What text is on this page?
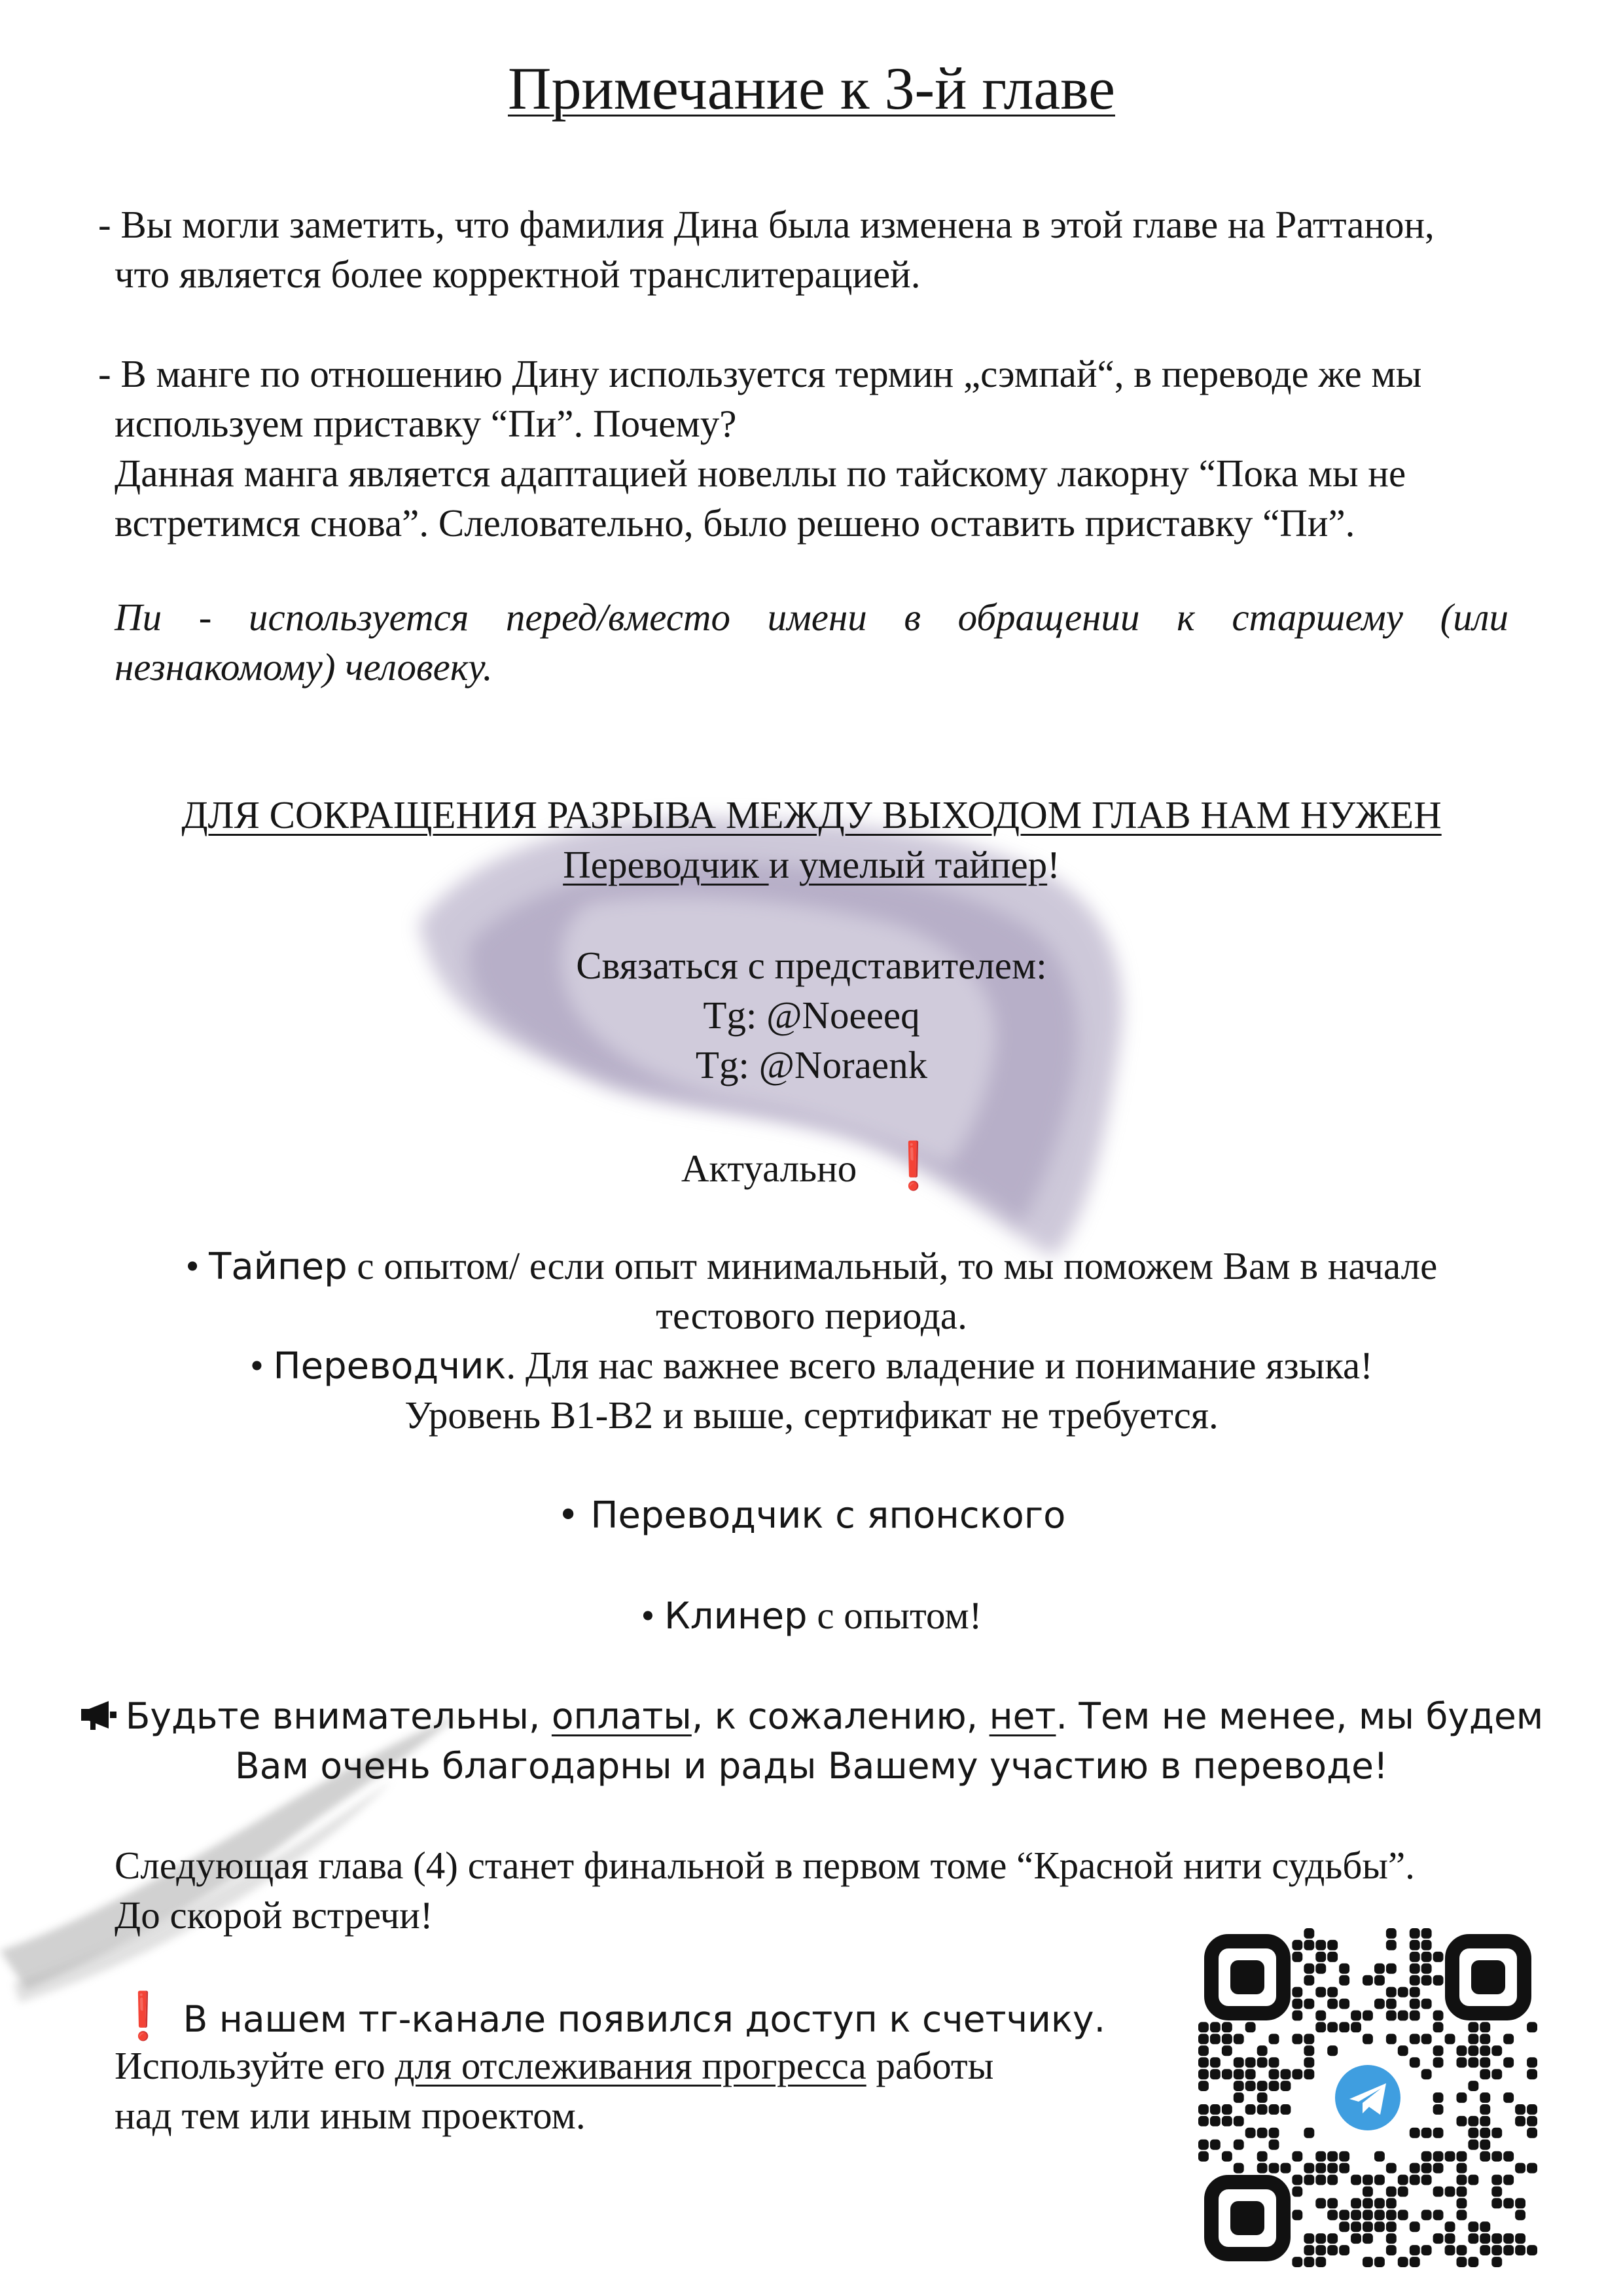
Примечание к 3-й главе
- Вы могли заметить, что фамилия Дина была изменена в этой главе на Раттанон,
что является более корректной транслитерацией.
- В манге по отношению Дину используется термин „сэмпай“, в переводе же мы
используем приставку “Пи”. Почему?
Данная манга является адаптацией новеллы по тайскому лакорну “Пока мы не
встретимся снова”. Слеловательно, было решено оставить приставку “Пи”.
Пи - используется перед/вместо имени в обращении к старшему (или
незнакомому) человеку.
ДЛЯ СОКРАЩЕНИЯ РАЗРЫВА МЕЖДУ ВЫХОДОМ ГЛАВ НАМ НУЖЕН
Переводчик и умелый тайпер!
Связаться с представителем:
Tg: @Noeeeq
Tg: @Noraenk
Актуально ❗
• Тайпер с опытом/ если опыт минимальный, то мы поможем Вам в начале
тестового периода.
• Переводчик. Для нас важнее всего владение и понимание языка!
Уровень B1-B2 и выше, сертификат не требуется.
• Переводчик с японского
• Клинер с опытом!
Будьте внимательны, оплаты, к сожалению, нет. Тем не менее, мы будем
Вам очень благодарны и рады Вашему участию в переводе!
Следующая глава (4) станет финальной в первом томе “Красной нити судьбы”.
До скорой встречи!
❗ В нашем тг-канале появился доступ к счетчику.
Используйте его для отслеживания прогресса работы
над тем или иным проектом.
